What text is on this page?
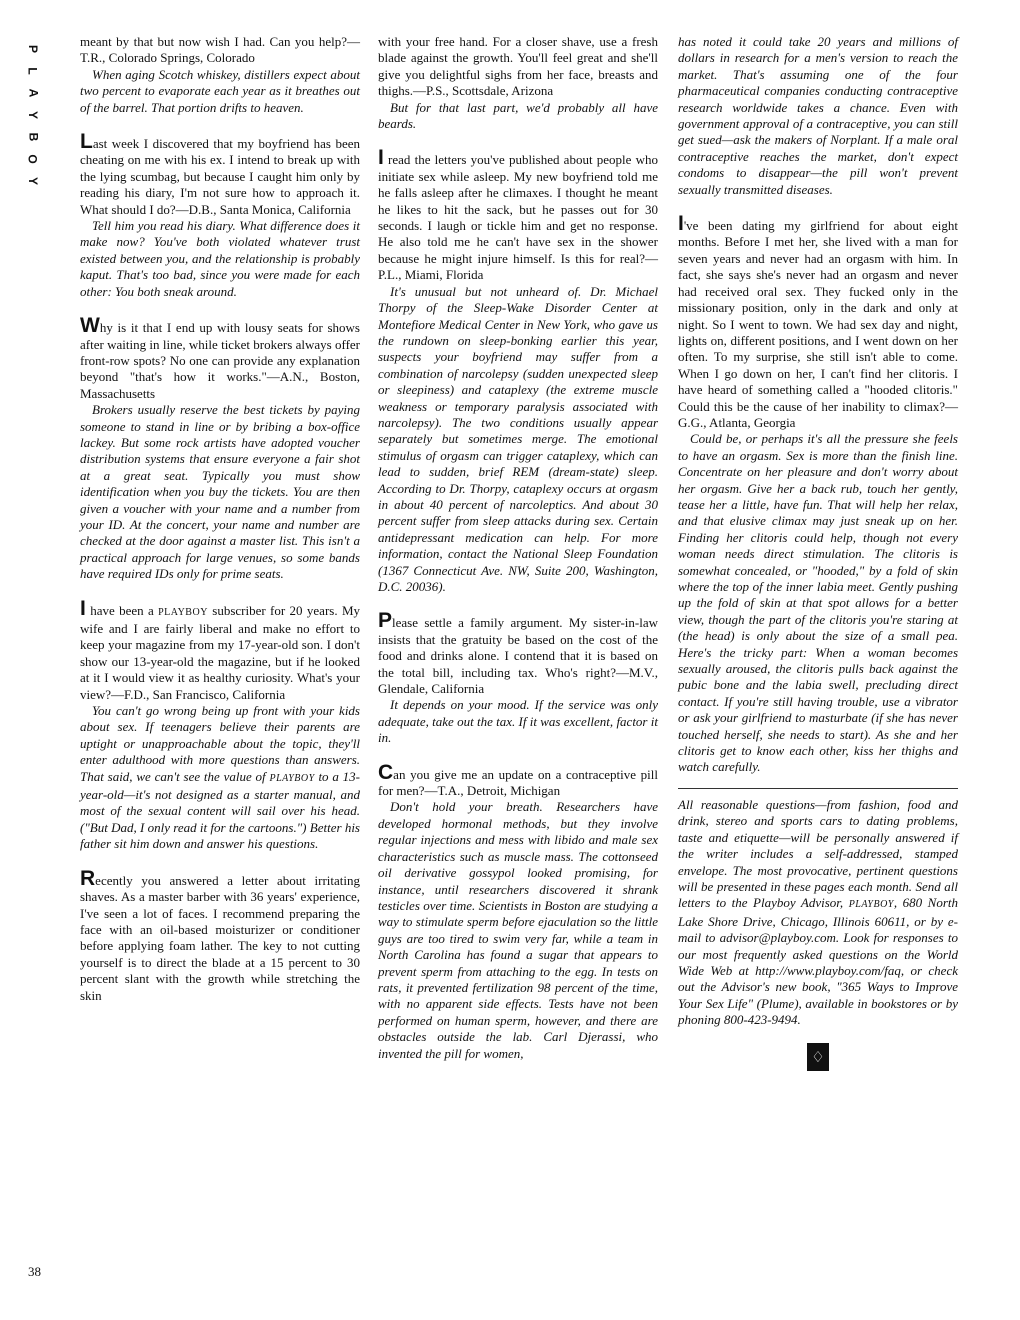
P
L
A
Y
B
O
Y
38

meant by that but now wish I had. Can you help?—T.R., Colorado Springs, Colorado

When aging Scotch whiskey, distillers expect about two percent to evaporate each year as it breathes out of the barrel. That portion drifts to heaven.

Last week I discovered that my boyfriend has been cheating on me with his ex. I intend to break up with the lying scumbag, but because I caught him only by reading his diary, I'm not sure how to approach it. What should I do?—D.B., Santa Monica, California

Tell him you read his diary. What difference does it make now? You've both violated whatever trust existed between you, and the relationship is probably kaput. That's too bad, since you were made for each other: You both sneak around.

Why is it that I end up with lousy seats for shows after waiting in line, while ticket brokers always offer front-row spots? No one can provide any explanation beyond "that's how it works."—A.N., Boston, Massachusetts

Brokers usually reserve the best tickets by paying someone to stand in line or by bribing a box-office lackey. But some rock artists have adopted voucher distribution systems that ensure everyone a fair shot at a great seat. Typically you must show identification when you buy the tickets. You are then given a voucher with your name and a number from your ID. At the concert, your name and number are checked at the door against a master list. This isn't a practical approach for large venues, so some bands have required IDs only for prime seats.

I have been a PLAYBOY subscriber for 20 years. My wife and I are fairly liberal and make no effort to keep your magazine from my 17-year-old son. I don't show our 13-year-old the magazine, but if he looked at it I would view it as healthy curiosity. What's your view?—F.D., San Francisco, California

You can't go wrong being up front with your kids about sex. If teenagers believe their parents are uptight or unapproachable about the topic, they'll enter adulthood with more questions than answers. That said, we can't see the value of PLAYBOY to a 13-year-old—it's not designed as a starter manual, and most of the sexual content will sail over his head. ("But Dad, I only read it for the cartoons.") Better his father sit him down and answer his questions.

Recently you answered a letter about irritating shaves. As a master barber with 36 years' experience, I've seen a lot of faces. I recommend preparing the face with an oil-based moisturizer or conditioner before applying foam lather. The key to not cutting yourself is to direct the blade at a 15 percent to 30 percent slant with the growth while stretching the skin

with your free hand. For a closer shave, use a fresh blade against the growth. You'll feel great and she'll give you delightful sighs from her face, breasts and thighs.—P.S., Scottsdale, Arizona

But for that last part, we'd probably all have beards.

I read the letters you've published about people who initiate sex while asleep. My new boyfriend told me he falls asleep after he climaxes. I thought he meant he likes to hit the sack, but he passes out for 30 seconds. I laugh or tickle him and get no response. He also told me he can't have sex in the shower because he might injure himself. Is this for real?—P.L., Miami, Florida

It's unusual but not unheard of. Dr. Michael Thorpy of the Sleep-Wake Disorder Center at Montefiore Medical Center in New York, who gave us the rundown on sleep-bonking earlier this year, suspects your boyfriend may suffer from a combination of narcolepsy (sudden unexpected sleep or sleepiness) and cataplexy (the extreme muscle weakness or temporary paralysis associated with narcolepsy). The two conditions usually appear separately but sometimes merge. The emotional stimulus of orgasm can trigger cataplexy, which can lead to sudden, brief REM (dream-state) sleep. According to Dr. Thorpy, cataplexy occurs at orgasm in about 40 percent of narcoleptics. And about 30 percent suffer from sleep attacks during sex. Certain antidepressant medication can help. For more information, contact the National Sleep Foundation (1367 Connecticut Ave. NW, Suite 200, Washington, D.C. 20036).

Please settle a family argument. My sister-in-law insists that the gratuity be based on the cost of the food and drinks alone. I contend that it is based on the total bill, including tax. Who's right?—M.V., Glendale, California

It depends on your mood. If the service was only adequate, take out the tax. If it was excellent, factor it in.

Can you give me an update on a contraceptive pill for men?—T.A., Detroit, Michigan

Don't hold your breath. Researchers have developed hormonal methods, but they involve regular injections and mess with libido and male sex characteristics such as muscle mass. The cottonseed oil derivative gossypol looked promising, for instance, until researchers discovered it shrank testicles over time. Scientists in Boston are studying a way to stimulate sperm before ejaculation so the little guys are too tired to swim very far, while a team in North Carolina has found a sugar that appears to prevent sperm from attaching to the egg. In tests on rats, it prevented fertilization 98 percent of the time, with no apparent side effects. Tests have not been performed on human sperm, however, and there are obstacles outside the lab. Carl Djerassi, who invented the pill for women,

has noted it could take 20 years and millions of dollars in research for a men's version to reach the market. That's assuming one of the four pharmaceutical companies conducting contraceptive research worldwide takes a chance. Even with government approval of a contraceptive, you can still get sued—ask the makers of Norplant. If a male oral contraceptive reaches the market, don't expect condoms to disappear—the pill won't prevent sexually transmitted diseases.

I've been dating my girlfriend for about eight months. Before I met her, she lived with a man for seven years and never had an orgasm with him. In fact, she says she's never had an orgasm and never had received oral sex. They fucked only in the missionary position, only in the dark and only at night. So I went to town. We had sex day and night, lights on, different positions, and I went down on her often. To my surprise, she still isn't able to come. When I go down on her, I can't find her clitoris. I have heard of something called a "hooded clitoris." Could this be the cause of her inability to climax?—G.G., Atlanta, Georgia

Could be, or perhaps it's all the pressure she feels to have an orgasm. Sex is more than the finish line. Concentrate on her pleasure and don't worry about her orgasm. Give her a back rub, touch her gently, tease her a little, have fun. That will help her relax, and that elusive climax may just sneak up on her. Finding her clitoris could help, though not every woman needs direct stimulation. The clitoris is somewhat concealed, or "hooded," by a fold of skin where the top of the inner labia meet. Gently pushing up the fold of skin at that spot allows for a better view, though the part of the clitoris you're staring at (the head) is only about the size of a small pea. Here's the tricky part: When a woman becomes sexually aroused, the clitoris pulls back against the pubic bone and the labia swell, precluding direct contact. If you're still having trouble, use a vibrator or ask your girlfriend to masturbate (if she has never touched herself, she needs to start). As she and her clitoris get to know each other, kiss her thighs and watch carefully.

All reasonable questions—from fashion, food and drink, stereo and sports cars to dating problems, taste and etiquette—will be personally answered if the writer includes a self-addressed, stamped envelope. The most provocative, pertinent questions will be presented in these pages each month. Send all letters to the Playboy Advisor, PLAYBOY, 680 North Lake Shore Drive, Chicago, Illinois 60611, or by e-mail to advisor@playboy.com. Look for responses to our most frequently asked questions on the World Wide Web at http://www.playboy.com/faq, or check out the Advisor's new book, "365 Ways to Improve Your Sex Life" (Plume), available in bookstores or by phoning 800-423-9494.

♢
